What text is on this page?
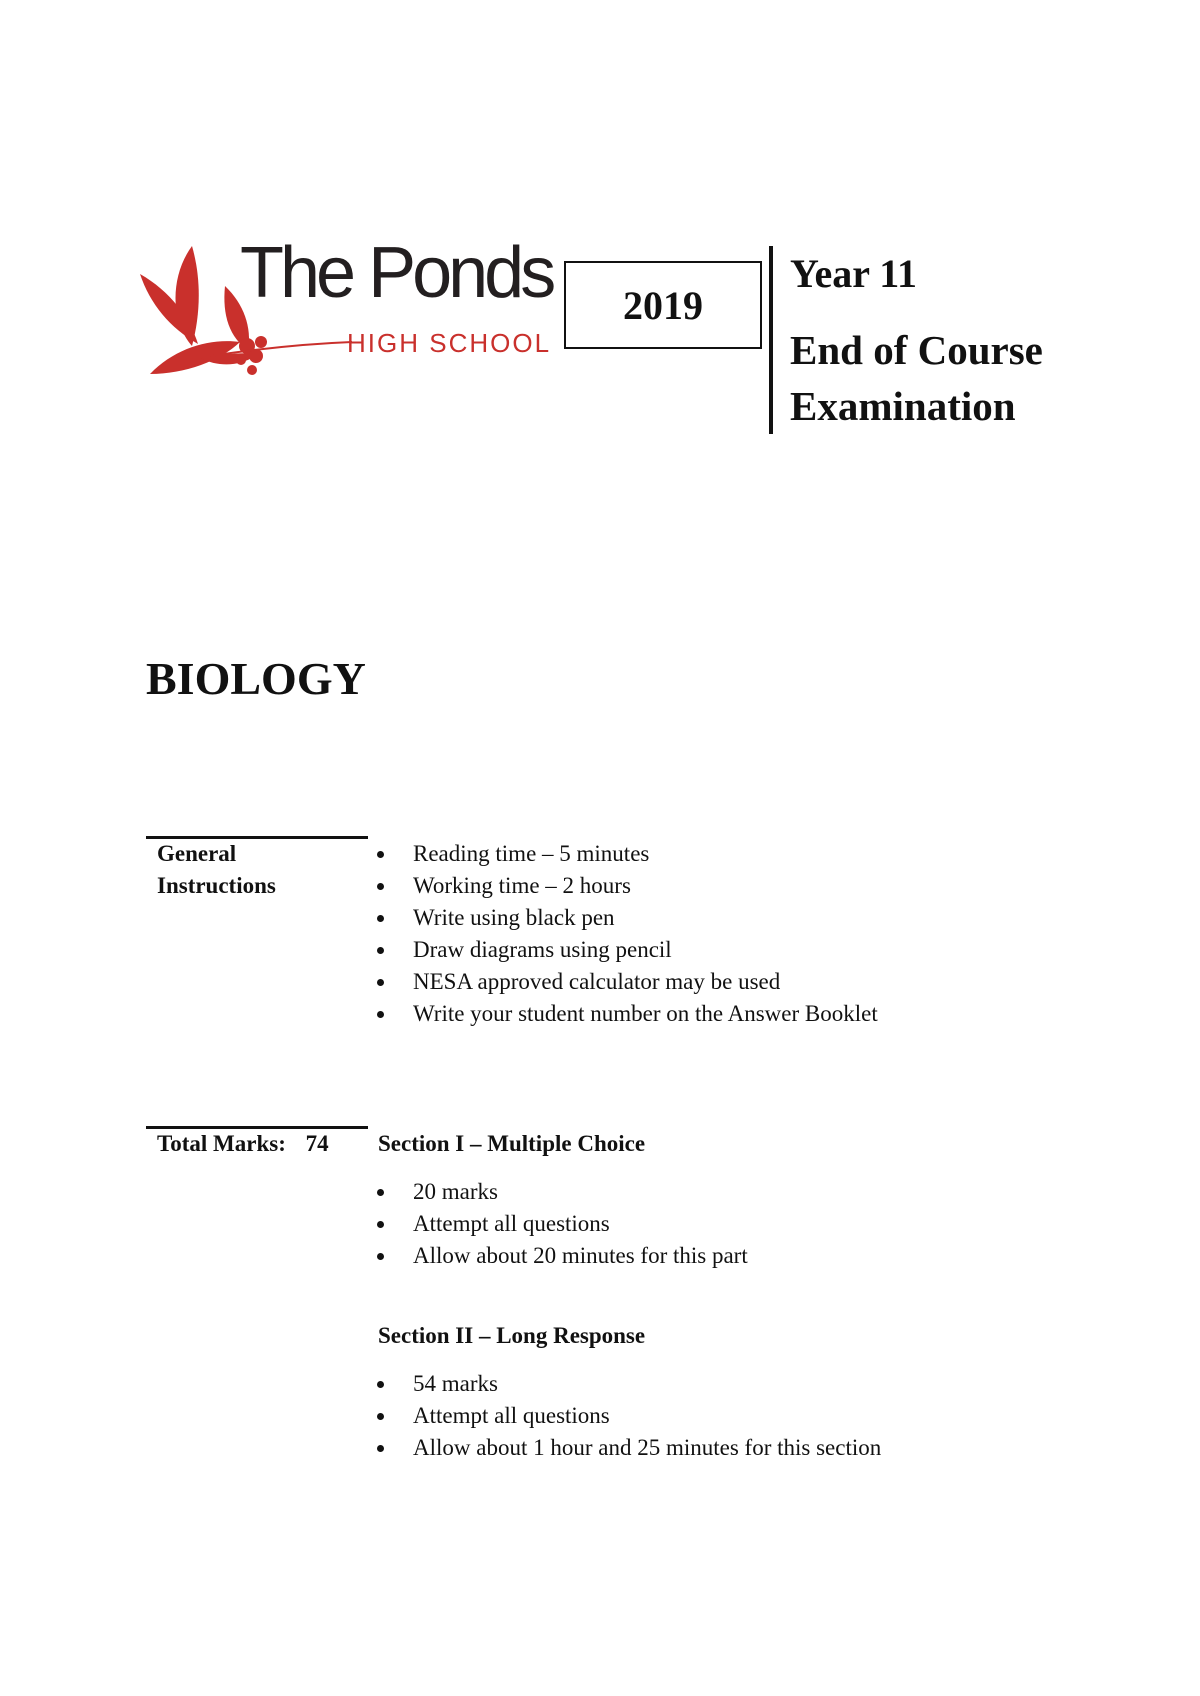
The Ponds
HIGH SCHOOL
2019
Year 11
End of Course
Examination
BIOLOGY
General
Instructions
Reading time – 5 minutes
Working time – 2 hours
Write using black pen
Draw diagrams using pencil
NESA approved calculator may be used
Write your student number on the Answer Booklet
Total Marks: 74 Section I – Multiple Choice
20 marks
Attempt all questions
Allow about 20 minutes for this part
Section II – Long Response
54 marks
Attempt all questions
Allow about 1 hour and 25 minutes for this section
